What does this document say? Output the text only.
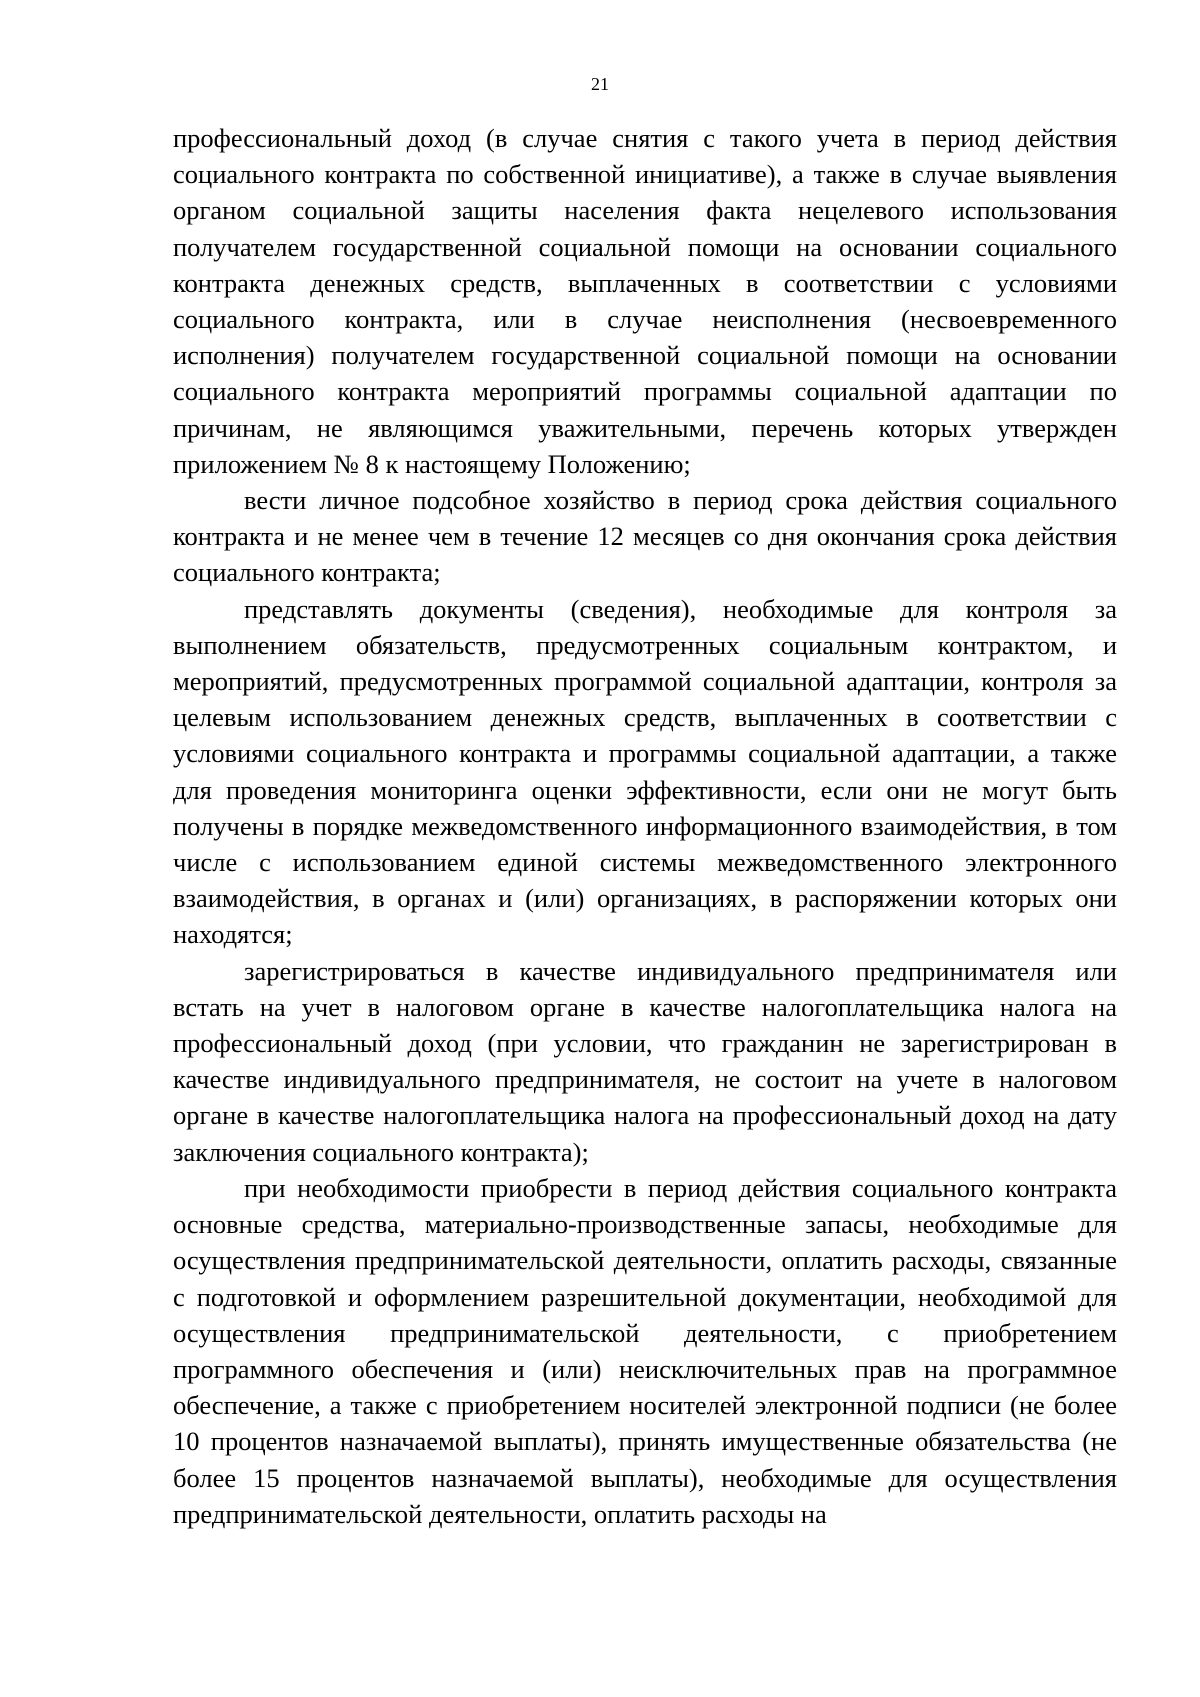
21

профессиональный доход (в случае снятия с такого учета в период действия социального контракта по собственной инициативе), а также в случае выявления органом социальной защиты населения факта нецелевого использования получателем государственной социальной помощи на основании социального контракта денежных средств, выплаченных в соответствии с условиями социального контракта, или в случае неисполнения (несвоевременного исполнения) получателем государственной социальной помощи на основании социального контракта мероприятий программы социальной адаптации по причинам, не являющимся уважительными, перечень которых утвержден приложением № 8 к настоящему Положению;

вести личное подсобное хозяйство в период срока действия социального контракта и не менее чем в течение 12 месяцев со дня окончания срока действия социального контракта;

представлять документы (сведения), необходимые для контроля за выполнением обязательств, предусмотренных социальным контрактом, и мероприятий, предусмотренных программой социальной адаптации, контроля за целевым использованием денежных средств, выплаченных в соответствии с условиями социального контракта и программы социальной адаптации, а также для проведения мониторинга оценки эффективности, если они не могут быть получены в порядке межведомственного информационного взаимодействия, в том числе с использованием единой системы межведомственного электронного взаимодействия, в органах и (или) организациях, в распоряжении которых они находятся;

зарегистрироваться в качестве индивидуального предпринимателя или встать на учет в налоговом органе в качестве налогоплательщика налога на профессиональный доход (при условии, что гражданин не зарегистрирован в качестве индивидуального предпринимателя, не состоит на учете в налоговом органе в качестве налогоплательщика налога на профессиональный доход на дату заключения социального контракта);

при необходимости приобрести в период действия социального контракта основные средства, материально-производственные запасы, необходимые для осуществления предпринимательской деятельности, оплатить расходы, связанные с подготовкой и оформлением разрешительной документации, необходимой для осуществления предпринимательской деятельности, с приобретением программного обеспечения и (или) неисключительных прав на программное обеспечение, а также с приобретением носителей электронной подписи (не более 10 процентов назначаемой выплаты), принять имущественные обязательства (не более 15 процентов назначаемой выплаты), необходимые для осуществления предпринимательской деятельности, оплатить расходы на
